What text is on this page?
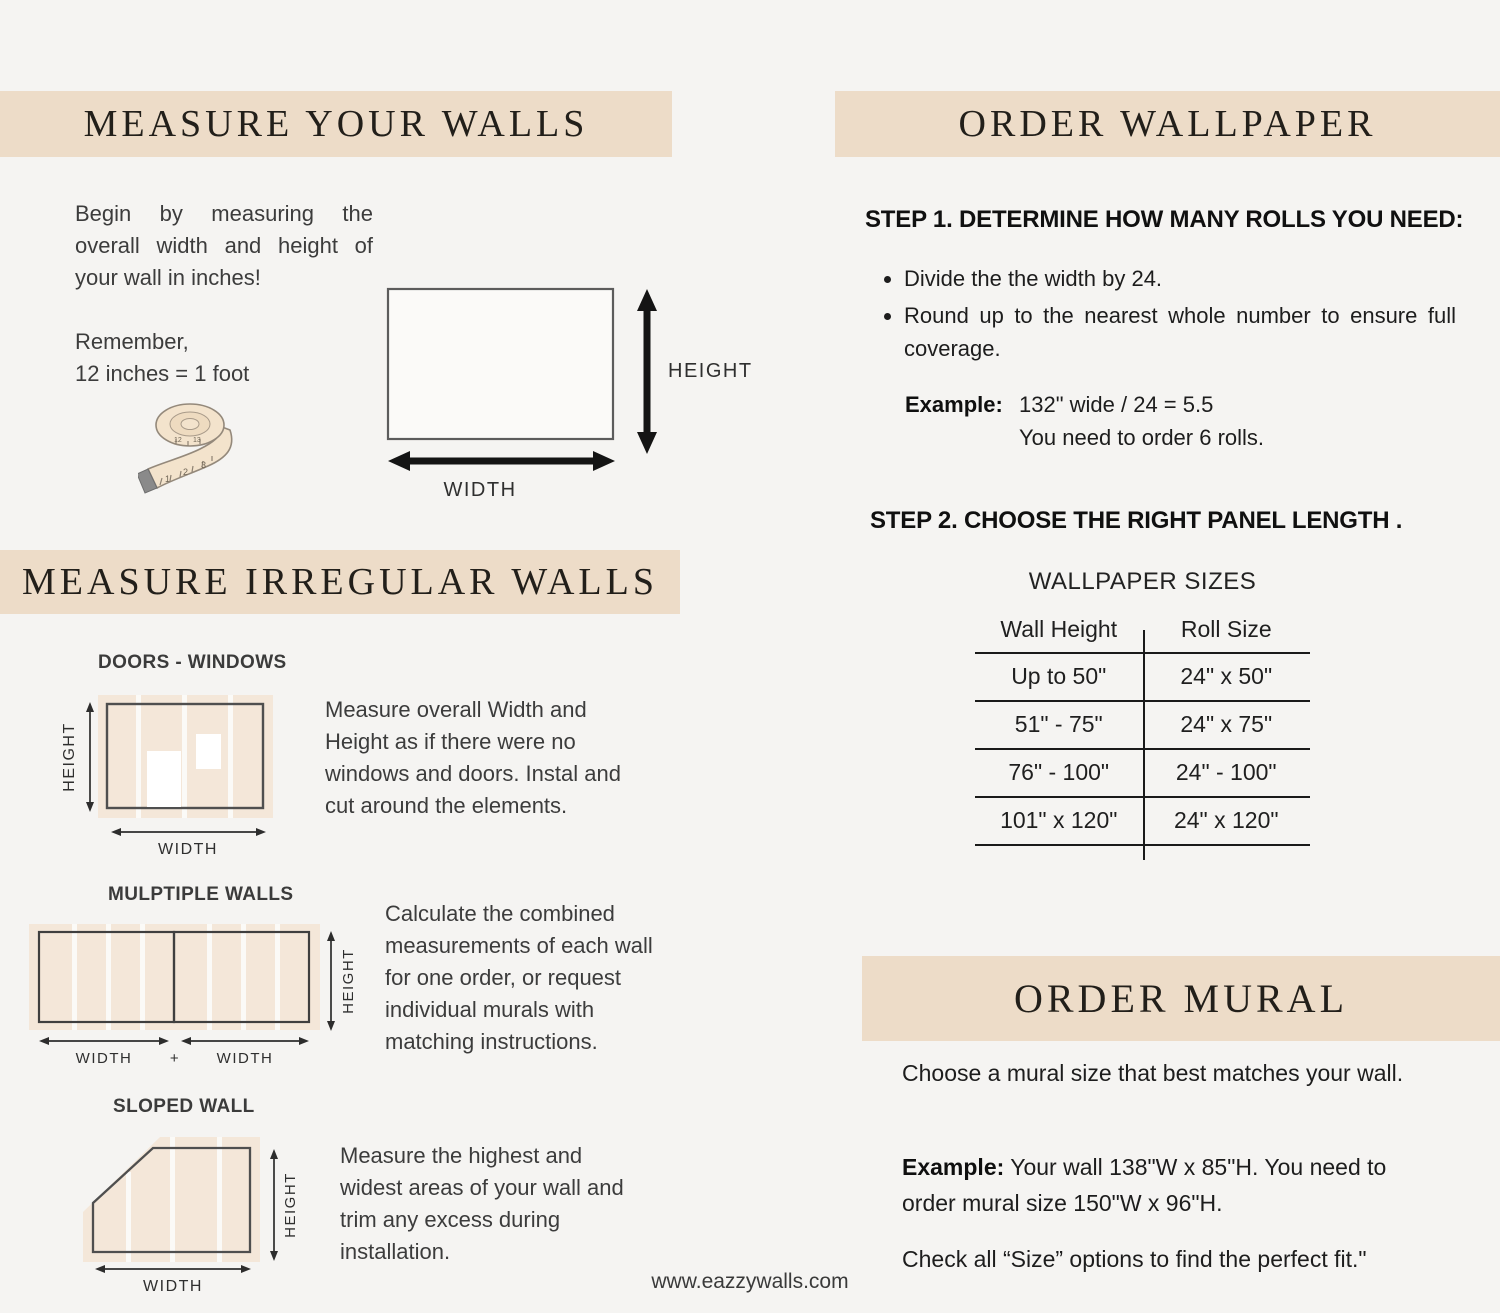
MEASURE YOUR WALLS
Begin by measuring the overall width and height of your wall in inches!
Remember,
12 inches = 1 foot
1
2
3
12 13
HEIGHT
WIDTH
MEASURE IRREGULAR WALLS
DOORS - WINDOWS
HEIGHT
WIDTH
Measure overall Width and Height as if there were no windows and doors. Instal and cut around the elements.
MULPTIPLE WALLS
HEIGHT
WIDTH	+ WIDTH
Calculate the combined measurements of each wall for one order, or request individual murals with matching instructions.
SLOPED WALL
HEIGHT
WIDTH
Measure the highest and widest areas of your wall and trim any excess during installation.
ORDER WALLPAPER
STEP 1. DETERMINE HOW MANY ROLLS YOU NEED:
• Divide the the width by 24.
• Round up to the nearest whole number to ensure full coverage.
Example: 132" wide / 24 = 5.5
You need to order 6 rolls.
STEP 2. CHOOSE THE RIGHT PANEL LENGTH .
WALLPAPER SIZES
Wall Height	Roll Size
Up to 50"	24" x 50"
51" - 75"	24" x 75"
76" - 100"	24" - 100"
101" x 120"	24" x 120"
ORDER MURAL
Choose a mural size that best matches your wall.
Example: Your wall 138"W x 85"H. You need to order mural size 150"W x 96"H.
Check all “Size” options to find the perfect fit."
www.eazzywalls.com
